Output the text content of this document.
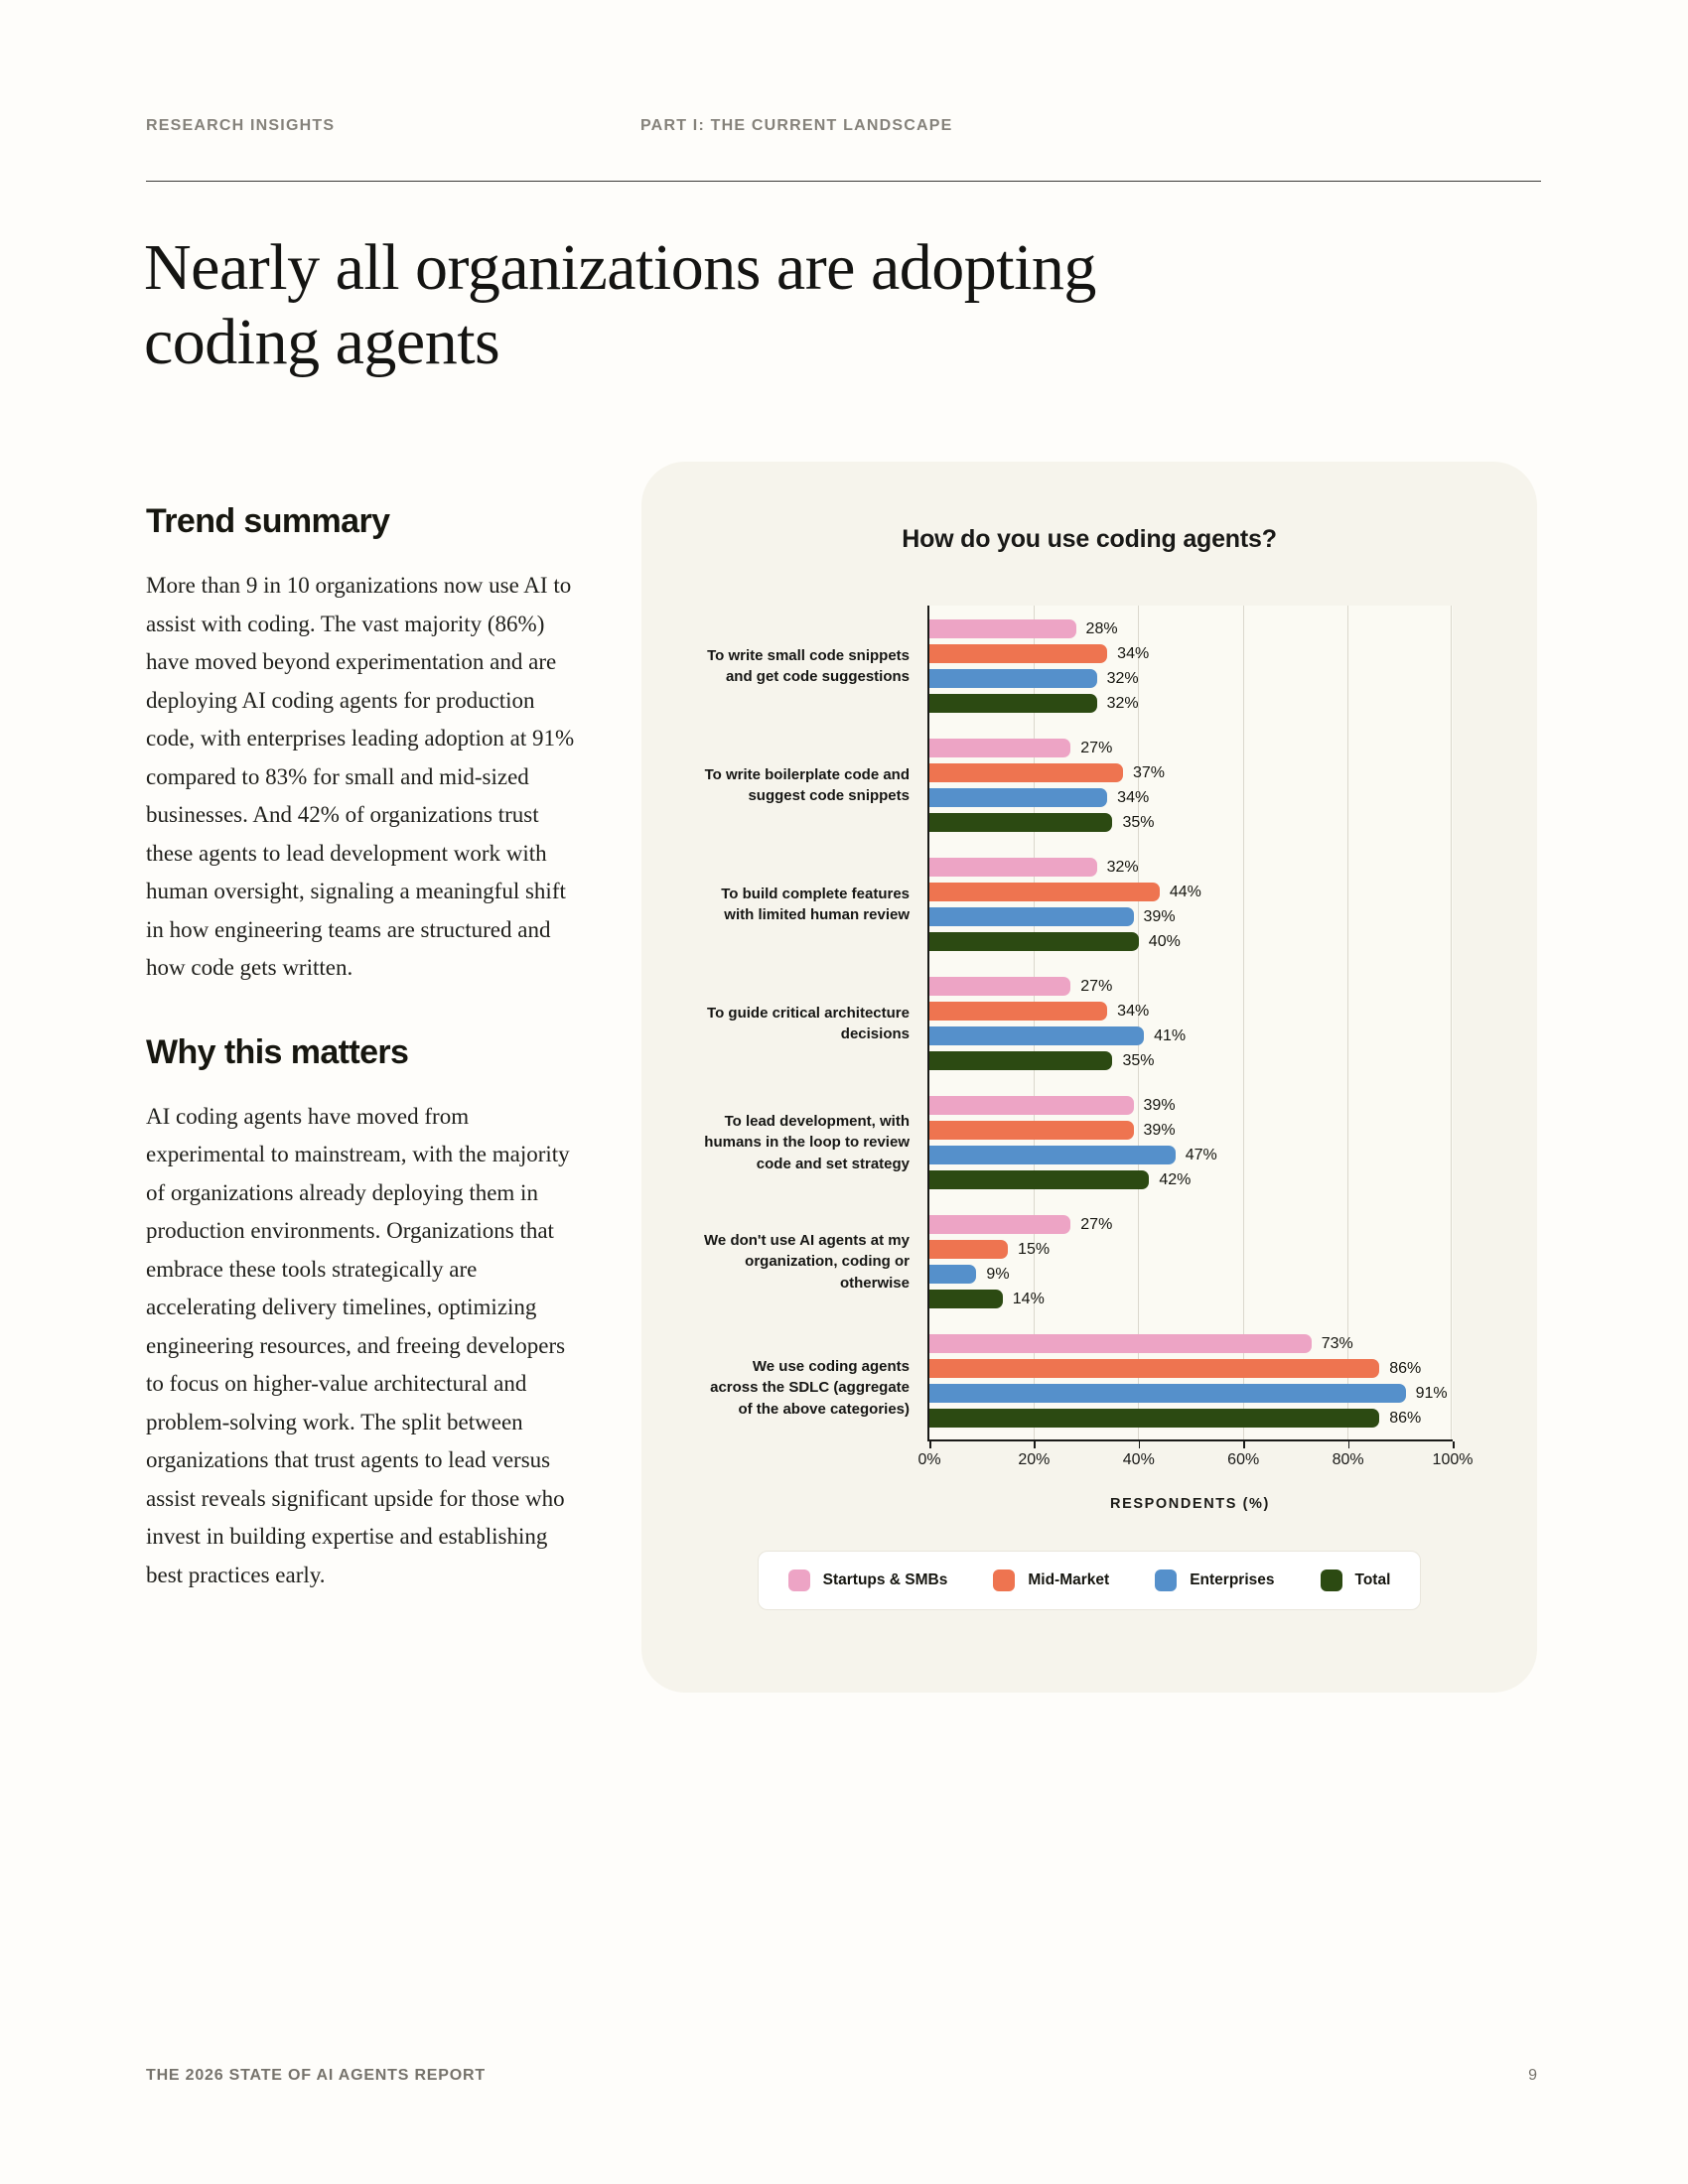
RESEARCH INSIGHTS	PART I: THE CURRENT LANDSCAPE
Nearly all organizations are adopting coding agents
Trend summary

More than 9 in 10 organizations now use AI to assist with coding. The vast majority (86%) have moved beyond experimentation and are deploying AI coding agents for production code, with enterprises leading adoption at 91% compared to 83% for small and mid-sized businesses. And 42% of organizations trust these agents to lead development work with human oversight, signaling a meaningful shift in how engineering teams are structured and how code gets written.

Why this matters

AI coding agents have moved from experimental to mainstream, with the majority of organizations already deploying them in production environments. Organizations that embrace these tools strategically are accelerating delivery timelines, optimizing engineering resources, and freeing developers to focus on higher-value architectural and problem-solving work. The split between organizations that trust agents to lead versus assist reveals significant upside for those who invest in building expertise and establishing best practices early.

How do you use coding agents?
To write small code snippets and get code suggestions
28%
34%
32%
32%
To write boilerplate code and suggest code snippets
27%
37%
34%
35%
To build complete features with limited human review
32%
44%
39%
40%
To guide critical architecture decisions
27%
34%
41%
35%
To lead development, with humans in the loop to review code and set strategy
39%
39%
47%
42%
We don't use AI agents at my organization, coding or otherwise
27%
15%
9%
14%
We use coding agents across the SDLC (aggregate of the above categories)
73%
86%
91%
86%
0%	20%	40%	60%	80%	100%
RESPONDENTS (%)
Startups & SMBs	Mid-Market	Enterprises	Total
THE 2026 STATE OF AI AGENTS REPORT	9
